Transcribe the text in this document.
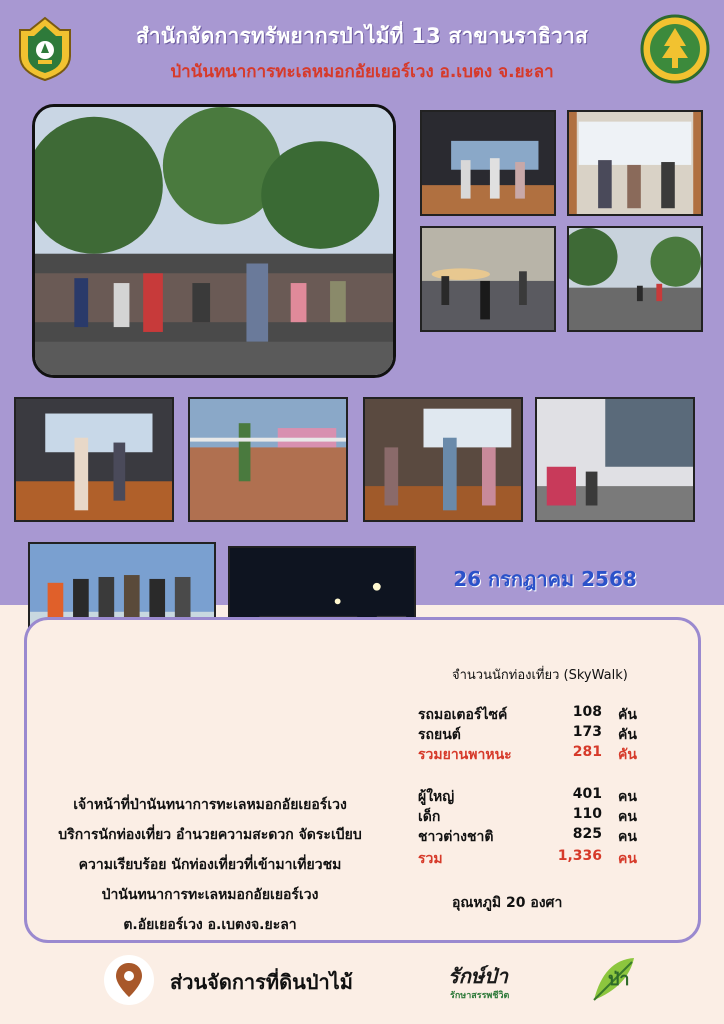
สำนักจัดการทรัพยากรป่าไม้ที่ 13 สาขานราธิวาส
ป่านันทนาการทะเลหมอกอัยเยอร์เวง อ.เบตง จ.ยะลา
26 กรกฎาคม 2568
จำนวนนักท่องเที่ยว (SkyWalk)
รถมอเตอร์ไซค์	108 คัน
รถยนต์	173 คัน
รวมยานพาหนะ	281 คัน
ผู้ใหญ่	401 คน
เด็ก	110 คน
ชาวต่างชาติ	825 คน
รวม	1,336 คน
อุณหภูมิ 20 องศา
เจ้าหน้าที่ป่านันทนาการทะเลหมอกอัยเยอร์เวง
บริการนักท่องเที่ยว อำนวยความสะดวก จัดระเบียบ
ความเรียบร้อย นักท่องเที่ยวที่เข้ามาเที่ยวชม
ป่านันทนาการทะเลหมอกอัยเยอร์เวง
ต.อัยเยอร์เวง อ.เบตงจ.ยะลา
ส่วนจัดการที่ดินป่าไม้	รักษ์ป่า
รักษาสรรพชีวิต
ป่า
